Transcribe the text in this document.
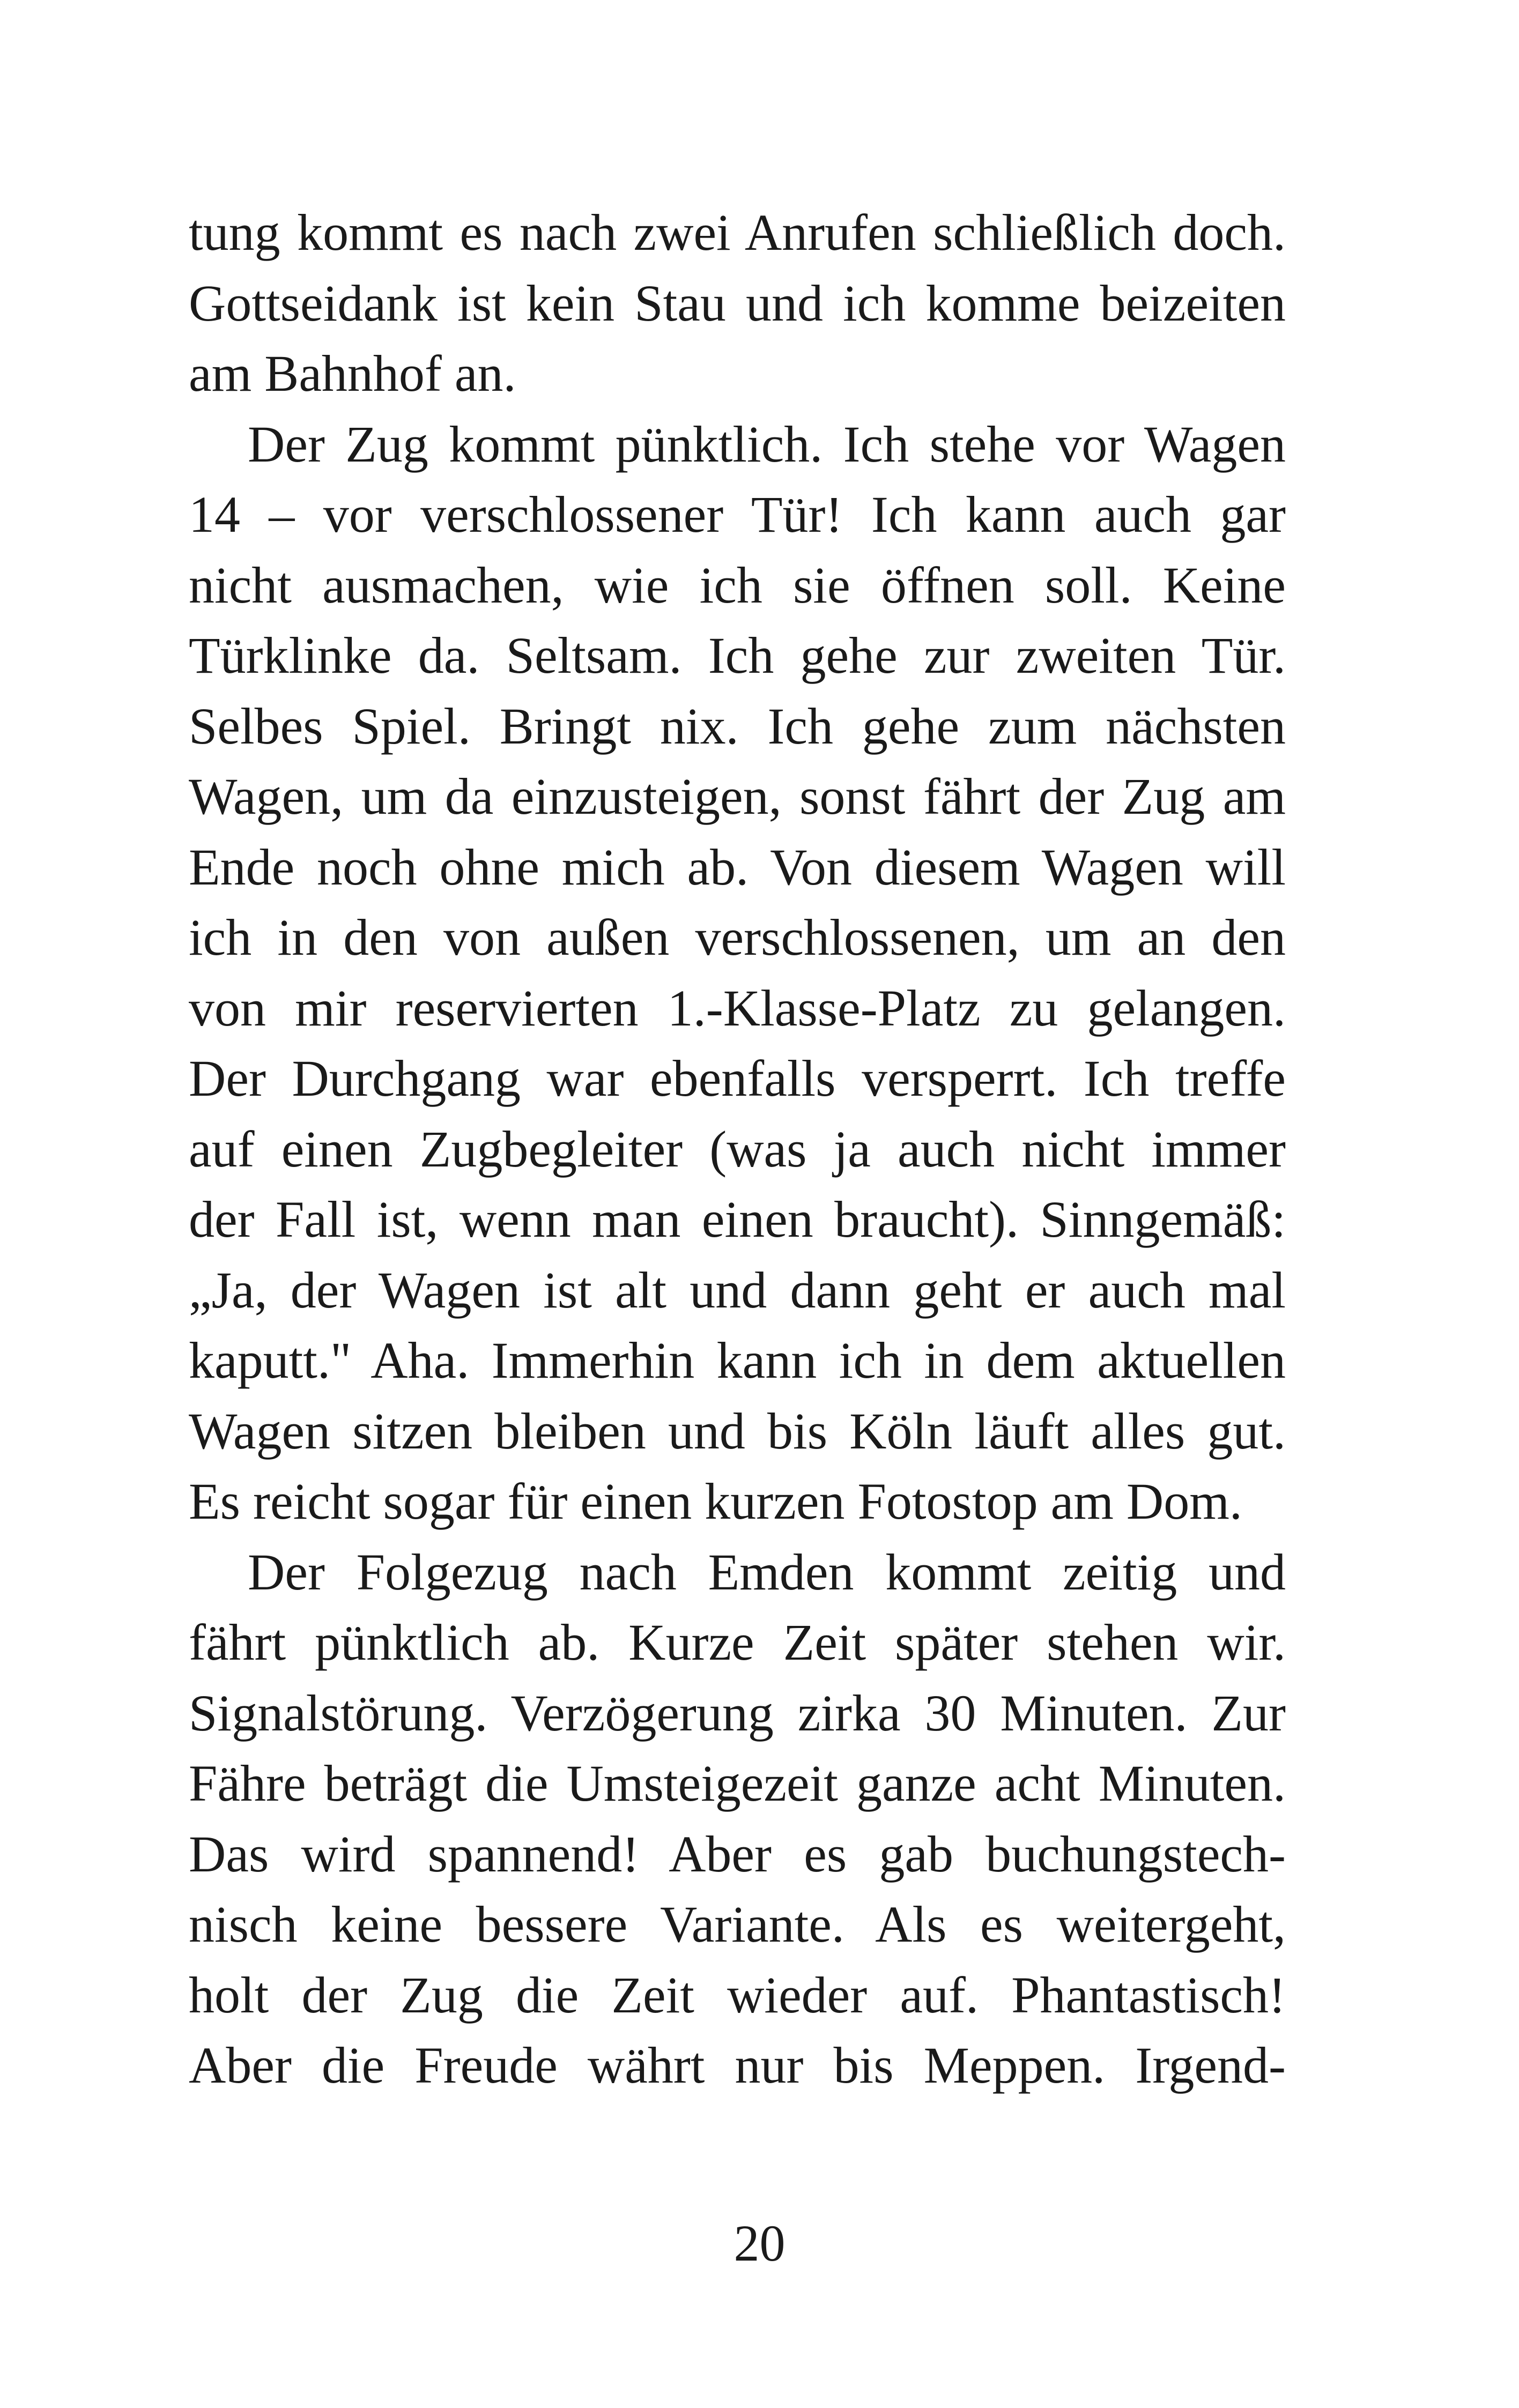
tung kommt es nach zwei Anrufen schließlich doch.
Gottseidank ist kein Stau und ich komme beizeiten
am Bahnhof an.
Der Zug kommt pünktlich. Ich stehe vor Wagen
14 – vor verschlossener Tür! Ich kann auch gar
nicht ausmachen, wie ich sie öffnen soll. Keine
Türklinke da. Seltsam. Ich gehe zur zweiten Tür.
Selbes Spiel. Bringt nix. Ich gehe zum nächsten
Wagen, um da einzusteigen, sonst fährt der Zug am
Ende noch ohne mich ab. Von diesem Wagen will
ich in den von außen verschlossenen, um an den
von mir reservierten 1.-Klasse-Platz zu gelangen.
Der Durchgang war ebenfalls versperrt. Ich treffe
auf einen Zugbegleiter (was ja auch nicht immer
der Fall ist, wenn man einen braucht). Sinngemäß:
„Ja, der Wagen ist alt und dann geht er auch mal
kaputt." Aha. Immerhin kann ich in dem aktuellen
Wagen sitzen bleiben und bis Köln läuft alles gut.
Es reicht sogar für einen kurzen Fotostop am Dom.
Der Folgezug nach Emden kommt zeitig und
fährt pünktlich ab. Kurze Zeit später stehen wir.
Signalstörung. Verzögerung zirka 30 Minuten. Zur
Fähre beträgt die Umsteigezeit ganze acht Minuten.
Das wird spannend! Aber es gab buchungstech-
nisch keine bessere Variante. Als es weitergeht,
holt der Zug die Zeit wieder auf. Phantastisch!
Aber die Freude währt nur bis Meppen. Irgend-
20
